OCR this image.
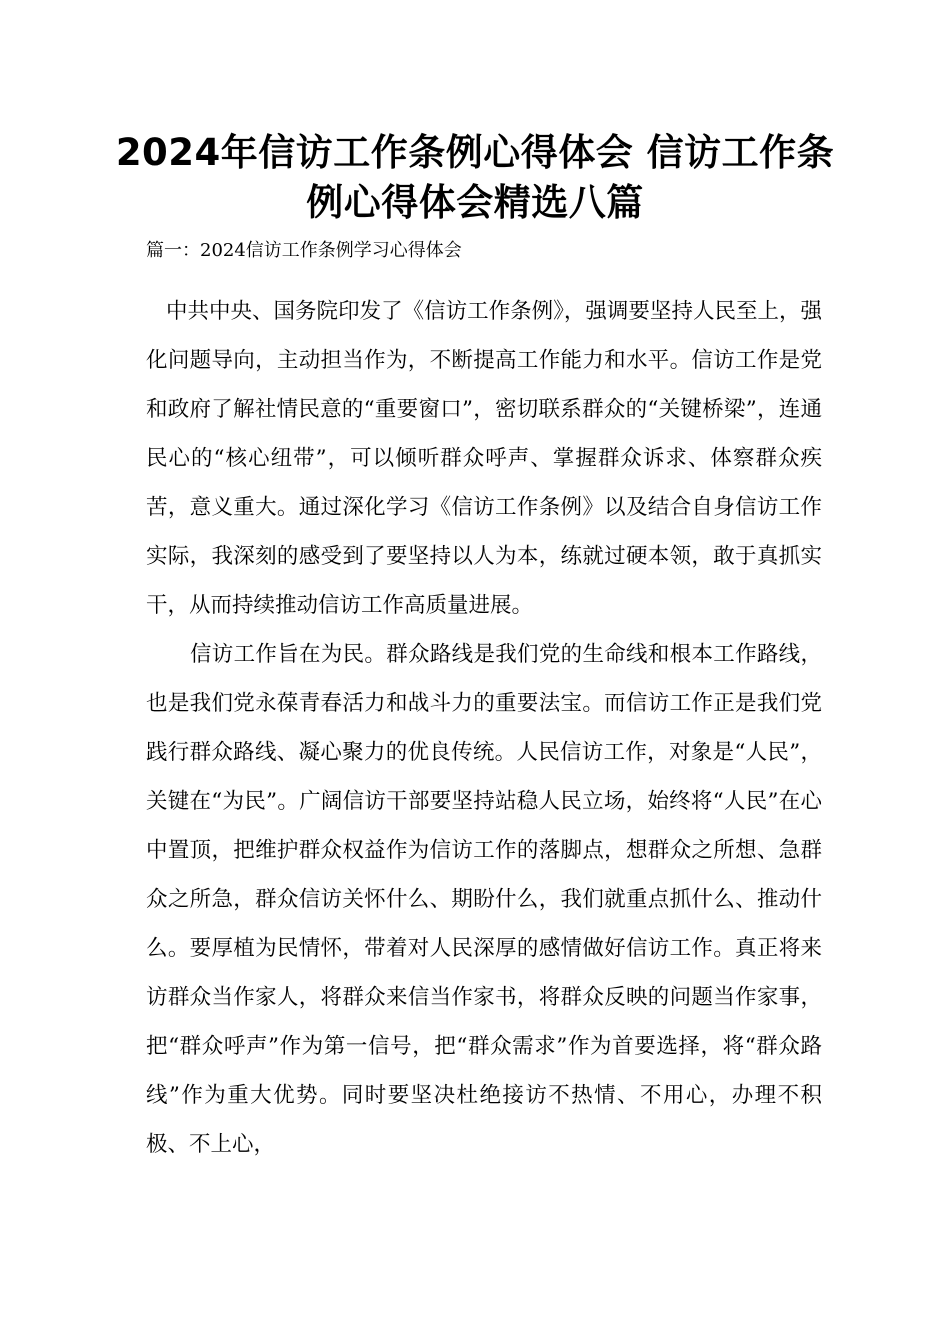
2024年信访工作条例心得体会 信访工作条例心得体会精选八篇
篇一：2024信访工作条例学习心得体会

中共中央、国务院印发了《信访工作条例》，强调要坚持人民至上，强化问题导向，主动担当作为，不断提高工作能力和水平。信访工作是党和政府了解社情民意的“重要窗口”，密切联系群众的“关键桥梁”，连通民心的“核心纽带”，可以倾听群众呼声、掌握群众诉求、体察群众疾苦，意义重大。通过深化学习《信访工作条例》以及结合自身信访工作实际，我深刻的感受到了要坚持以人为本，练就过硬本领，敢于真抓实干，从而持续推动信访工作高质量进展。

信访工作旨在为民。群众路线是我们党的生命线和根本工作路线，也是我们党永葆青春活力和战斗力的重要法宝。而信访工作正是我们党践行群众路线、凝心聚力的优良传统。人民信访工作，对象是“人民”，关键在“为民”。广阔信访干部要坚持站稳人民立场，始终将“人民”在心中置顶，把维护群众权益作为信访工作的落脚点，想群众之所想、急群众之所急，群众信访关怀什么、期盼什么，我们就重点抓什么、推动什么。要厚植为民情怀，带着对人民深厚的感情做好信访工作。真正将来访群众当作家人，将群众来信当作家书，将群众反映的问题当作家事，把“群众呼声”作为第一信号，把“群众需求”作为首要选择，将“群众路线”作为重大优势。同时要坚决杜绝接访不热情、不用心，办理不积极、不上心，
